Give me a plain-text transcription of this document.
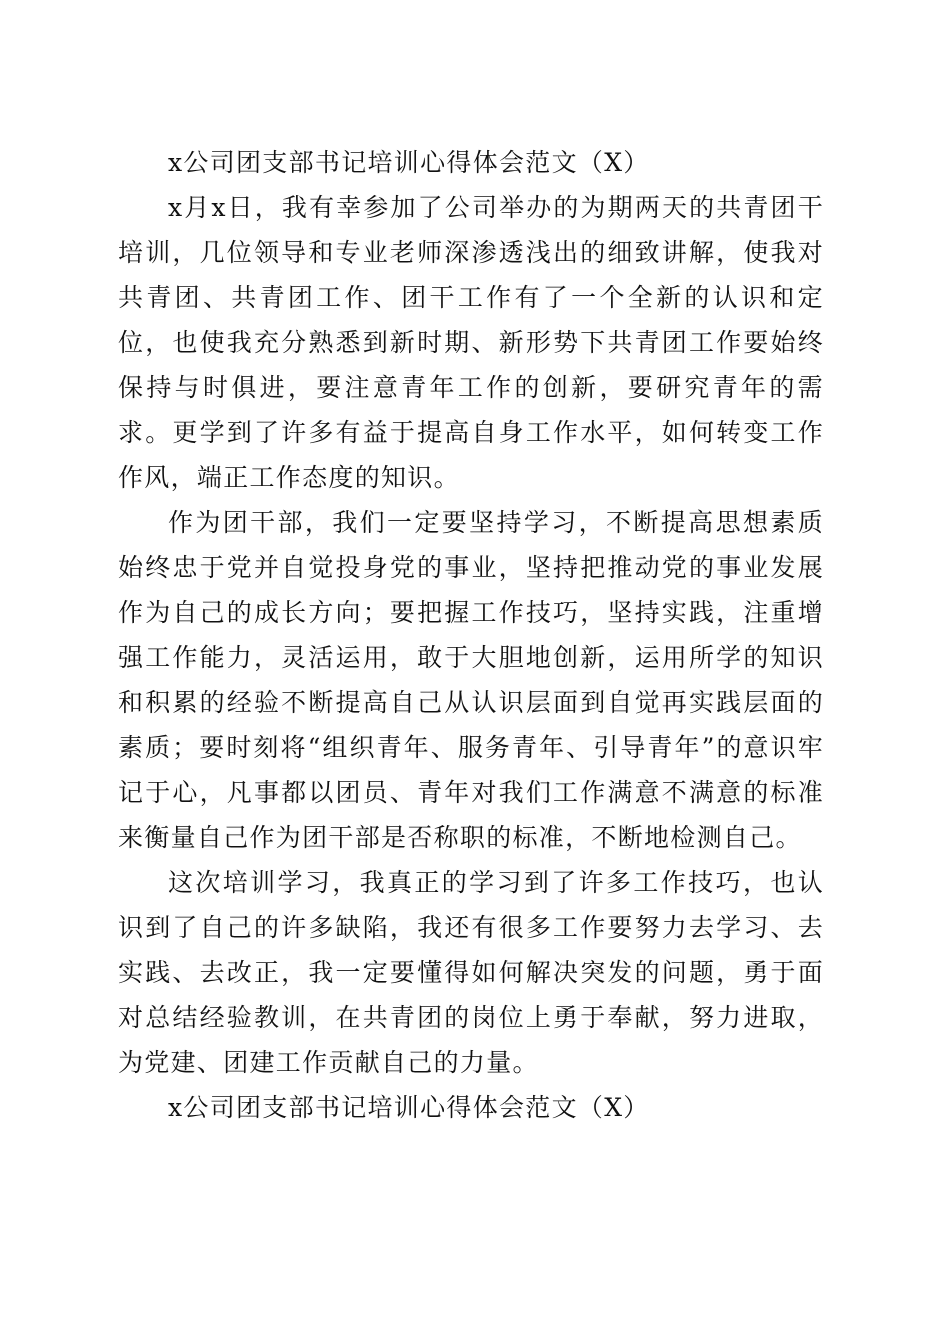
x公司团支部书记培训心得体会范文（X）

x月x日，我有幸参加了公司举办的为期两天的共青团干培训，几位领导和专业老师深渗透浅出的细致讲解，使我对共青团、共青团工作、团干工作有了一个全新的认识和定位，也使我充分熟悉到新时期、新形势下共青团工作要始终保持与时俱进，要注意青年工作的创新，要研究青年的需求。更学到了许多有益于提高自身工作水平，如何转变工作作风，端正工作态度的知识。

作为团干部，我们一定要坚持学习，不断提高思想素质始终忠于党并自觉投身党的事业，坚持把推动党的事业发展作为自己的成长方向；要把握工作技巧，坚持实践，注重增强工作能力，灵活运用，敢于大胆地创新，运用所学的知识和积累的经验不断提高自己从认识层面到自觉再实践层面的素质；要时刻将“组织青年、服务青年、引导青年”的意识牢记于心，凡事都以团员、青年对我们工作满意不满意的标准来衡量自己作为团干部是否称职的标准，不断地检测自己。

这次培训学习，我真正的学习到了许多工作技巧，也认识到了自己的许多缺陷，我还有很多工作要努力去学习、去实践、去改正，我一定要懂得如何解决突发的问题，勇于面对总结经验教训，在共青团的岗位上勇于奉献，努力进取，为党建、团建工作贡献自己的力量。

x公司团支部书记培训心得体会范文（X）
